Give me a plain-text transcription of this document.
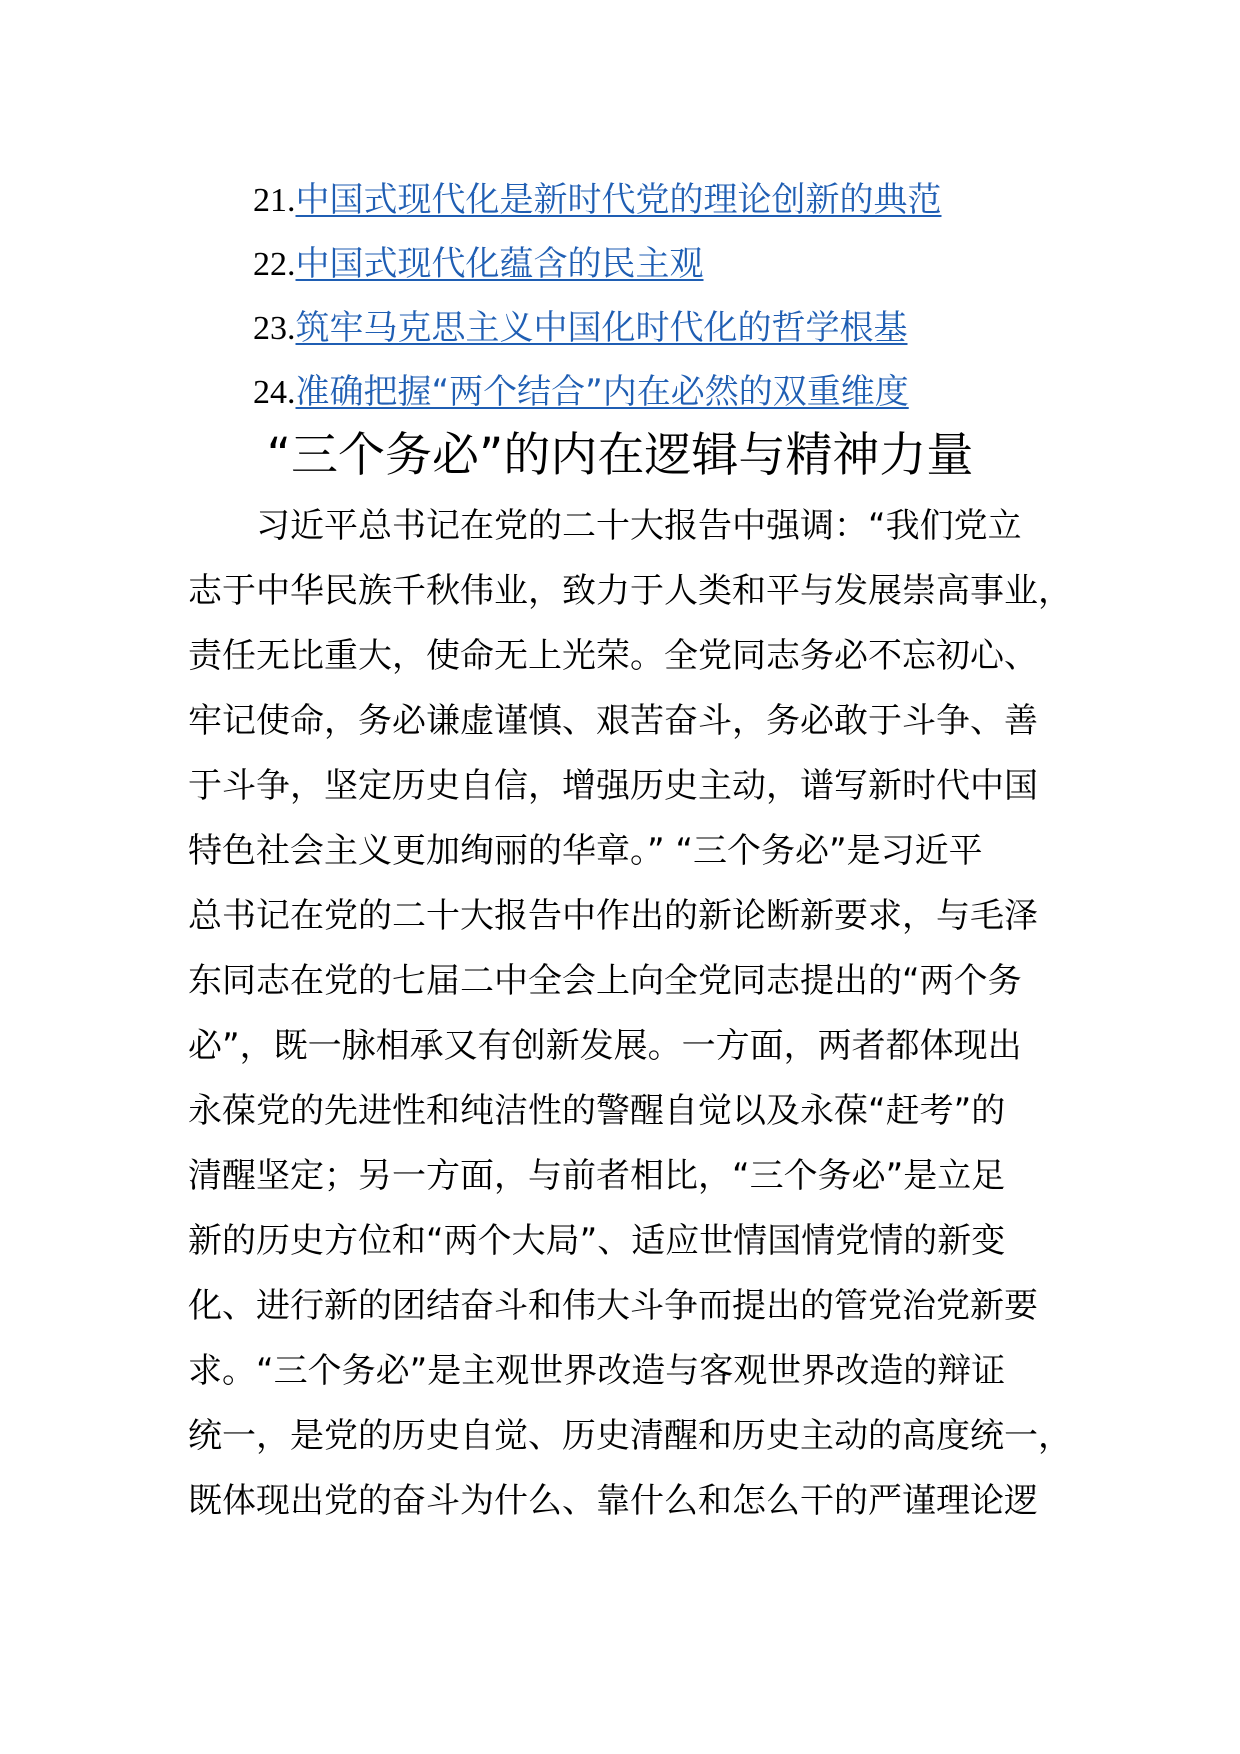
21.中国式现代化是新时代党的理论创新的典范
22.中国式现代化蕴含的民主观
23.筑牢马克思主义中国化时代化的哲学根基
24.准确把握“两个结合”内在必然的双重维度
“三个务必”的内在逻辑与精神力量
习近平总书记在党的二十大报告中强调：“我们党立
志于中华民族千秋伟业，致力于人类和平与发展崇高事业，
责任无比重大，使命无上光荣。全党同志务必不忘初心、
牢记使命，务必谦虚谨慎、艰苦奋斗，务必敢于斗争、善
于斗争，坚定历史自信，增强历史主动，谱写新时代中国
特色社会主义更加绚丽的华章。” “三个务必”是习近平
总书记在党的二十大报告中作出的新论断新要求，与毛泽
东同志在党的七届二中全会上向全党同志提出的“两个务
必”，既一脉相承又有创新发展。一方面，两者都体现出
永葆党的先进性和纯洁性的警醒自觉以及永葆“赶考”的
清醒坚定；另一方面，与前者相比，“三个务必”是立足
新的历史方位和“两个大局”、适应世情国情党情的新变
化、进行新的团结奋斗和伟大斗争而提出的管党治党新要
求。“三个务必”是主观世界改造与客观世界改造的辩证
统一，是党的历史自觉、历史清醒和历史主动的高度统一，
既体现出党的奋斗为什么、靠什么和怎么干的严谨理论逻
